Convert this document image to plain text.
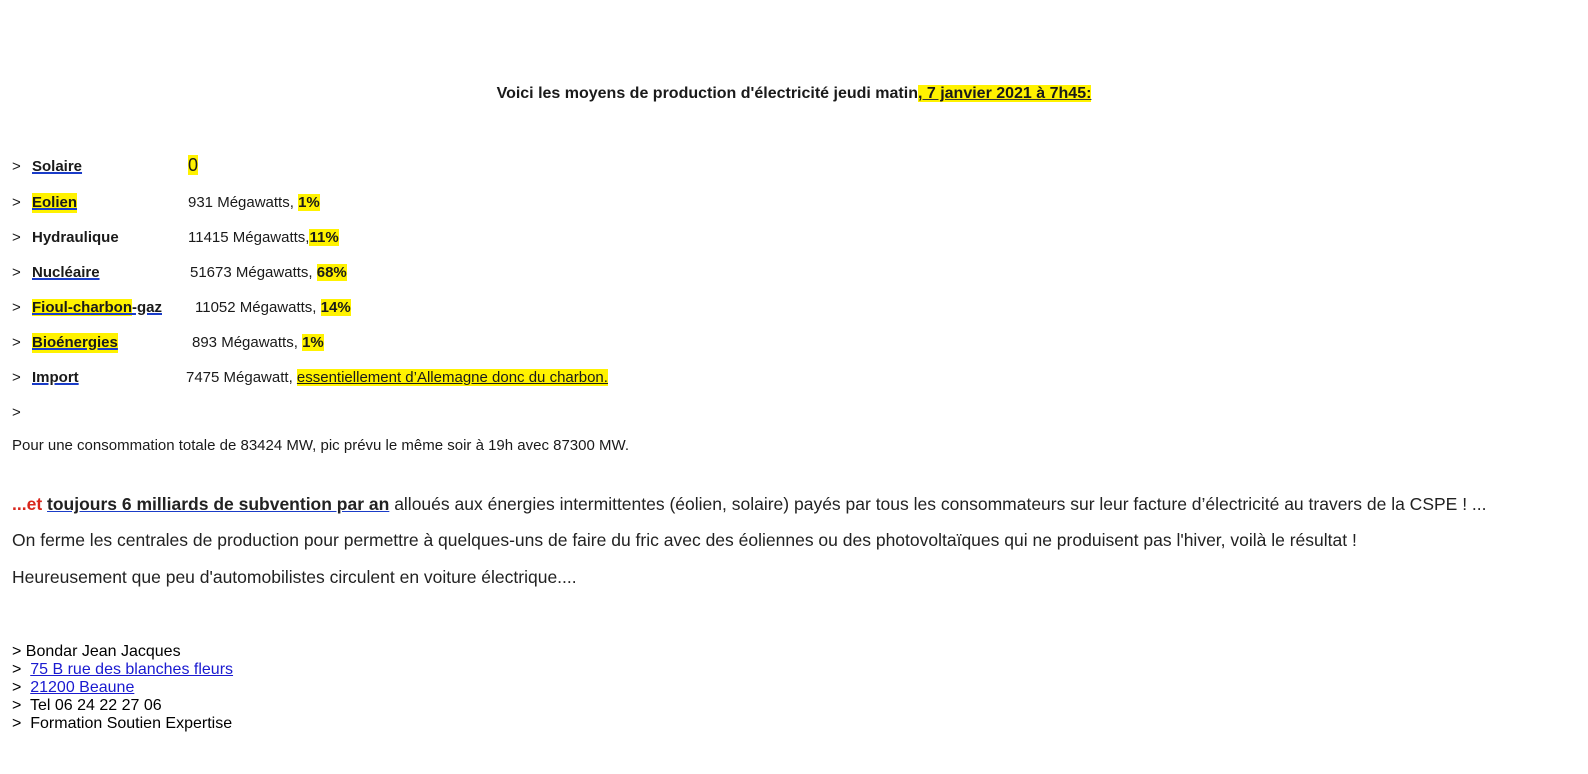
Voici les moyens de production d'électricité jeudi matin, 7 janvier 2021 à 7h45:
> Solaire	0
> Eolien	931 Mégawatts, 1%
> Hydraulique	11415 Mégawatts,11%
> Nucléaire	51673 Mégawatts, 68%
> Fioul-charbon-gaz 11052 Mégawatts, 14%
> Bioénergies	893 Mégawatts, 1%
> Import	7475 Mégawatt, essentiellement d’Allemagne donc du charbon.
>
Pour une consommation totale de 83424 MW, pic prévu le même soir à 19h avec 87300 MW.
...et toujours 6 milliards de subvention par an alloués aux énergies intermittentes (éolien, solaire) payés par tous les consommateurs sur leur facture d’électricité au travers de la CSPE ! ...
On ferme les centrales de production pour permettre à quelques-uns de faire du fric avec des éoliennes ou des photovoltaïques qui ne produisent pas l'hiver, voilà le résultat !
Heureusement que peu d'automobilistes circulent en voiture électrique....
> Bondar Jean Jacques
> 75 B rue des blanches fleurs
> 21200 Beaune
> Tel 06 24 22 27 06
> Formation Soutien Expertise
